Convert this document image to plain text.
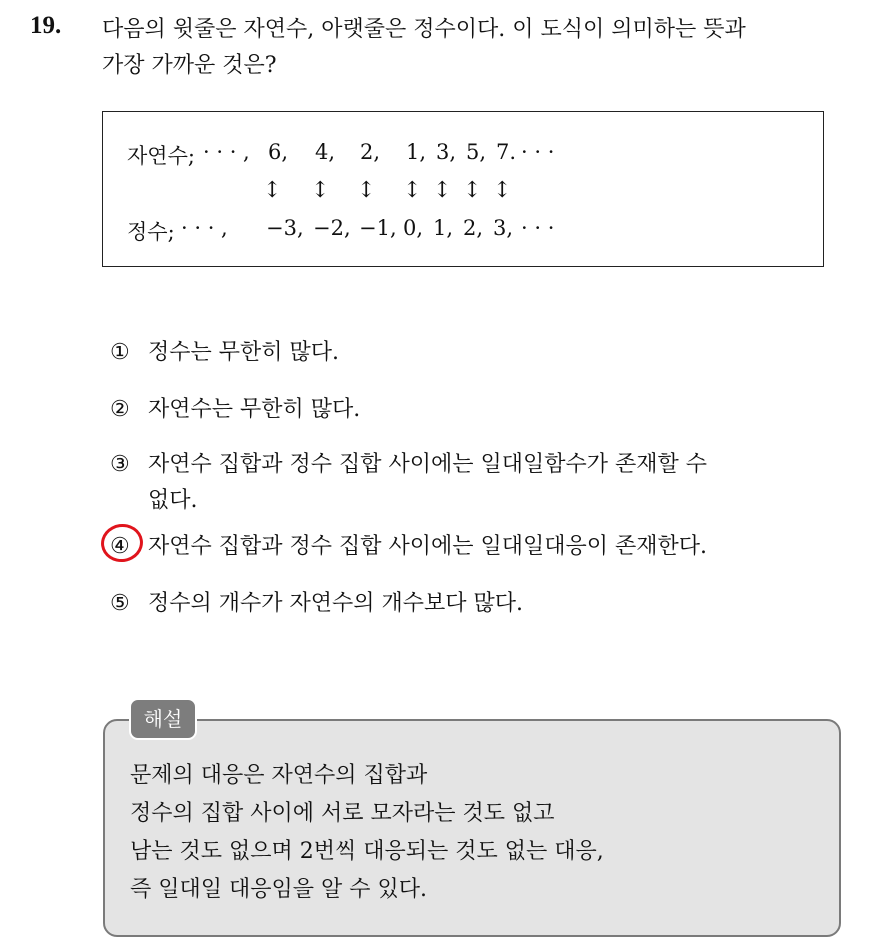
19. 다음의 윗줄은 자연수, 아랫줄은 정수이다. 이 도식이 의미하는 뜻과
가장 가까운 것은?
자연수; · · · , 6, 4, 2, 1, 3, 5, 7. · · ·
↕ ↕ ↕ ↕ ↕ ↕ ↕
정수; · · · , −3, −2, −1, 0, 1, 2, 3, · · ·
① 정수는 무한히 많다.
② 자연수는 무한히 많다.
③ 자연수 집합과 정수 집합 사이에는 일대일함수가 존재할 수
없다.
④ 자연수 집합과 정수 집합 사이에는 일대일대응이 존재한다.
⑤ 정수의 개수가 자연수의 개수보다 많다.
해설
문제의 대응은 자연수의 집합과
정수의 집합 사이에 서로 모자라는 것도 없고
남는 것도 없으며 2번씩 대응되는 것도 없는 대응,
즉 일대일 대응임을 알 수 있다.
